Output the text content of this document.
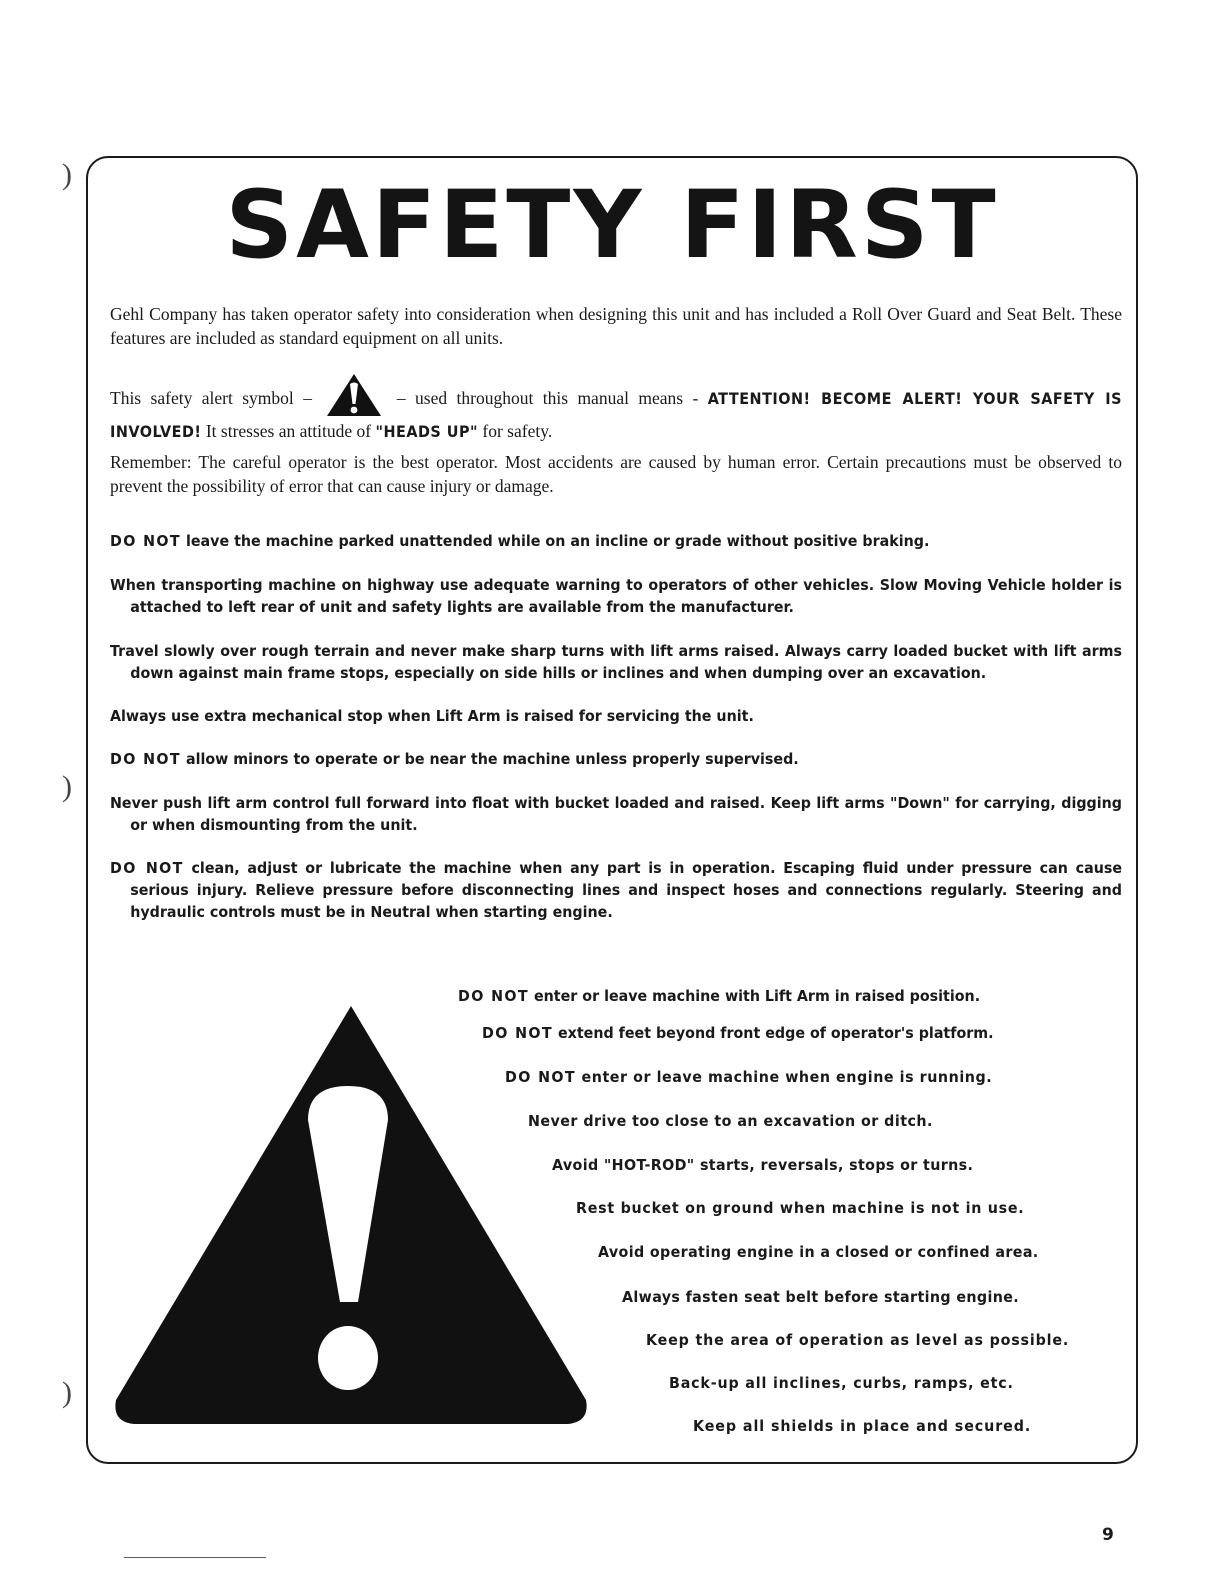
)
)
)
SAFETY FIRST
Gehl Company has taken operator safety into consideration when designing this unit and has included a Roll Over Guard and Seat Belt. These features are included as standard equipment on all units.
This safety alert symbol –	– used throughout this manual means - ATTENTION! BECOME ALERT! YOUR SAFETY IS INVOLVED! It stresses an attitude of "HEADS UP" for safety.
Remember: The careful operator is the best operator. Most accidents are caused by human error. Certain precautions must be observed to prevent the possibility of error that can cause injury or damage.
DO NOT leave the machine parked unattended while on an incline or grade without positive braking.
When transporting machine on highway use adequate warning to operators of other vehicles. Slow Moving Vehicle holder is attached to left rear of unit and safety lights are available from the manufacturer.
Travel slowly over rough terrain and never make sharp turns with lift arms raised. Always carry loaded bucket with lift arms down against main frame stops, especially on side hills or inclines and when dumping over an excavation.
Always use extra mechanical stop when Lift Arm is raised for servicing the unit.
DO NOT allow minors to operate or be near the machine unless properly supervised.
Never push lift arm control full forward into float with bucket loaded and raised. Keep lift arms "Down" for carrying, digging or when dismounting from the unit.
DO NOT clean, adjust or lubricate the machine when any part is in operation. Escaping fluid under pressure can cause serious injury. Relieve pressure before disconnecting lines and inspect hoses and connections regularly. Steering and hydraulic controls must be in Neutral when starting engine.
DO NOT enter or leave machine with Lift Arm in raised position.
DO NOT extend feet beyond front edge of operator's platform.
DO NOT enter or leave machine when engine is running.
Never drive too close to an excavation or ditch.
Avoid "HOT-ROD" starts, reversals, stops or turns.
Rest bucket on ground when machine is not in use.
Avoid operating engine in a closed or confined area.
Always fasten seat belt before starting engine.
Keep the area of operation as level as possible.
Back-up all inclines, curbs, ramps, etc.
Keep all shields in place and secured.
9
